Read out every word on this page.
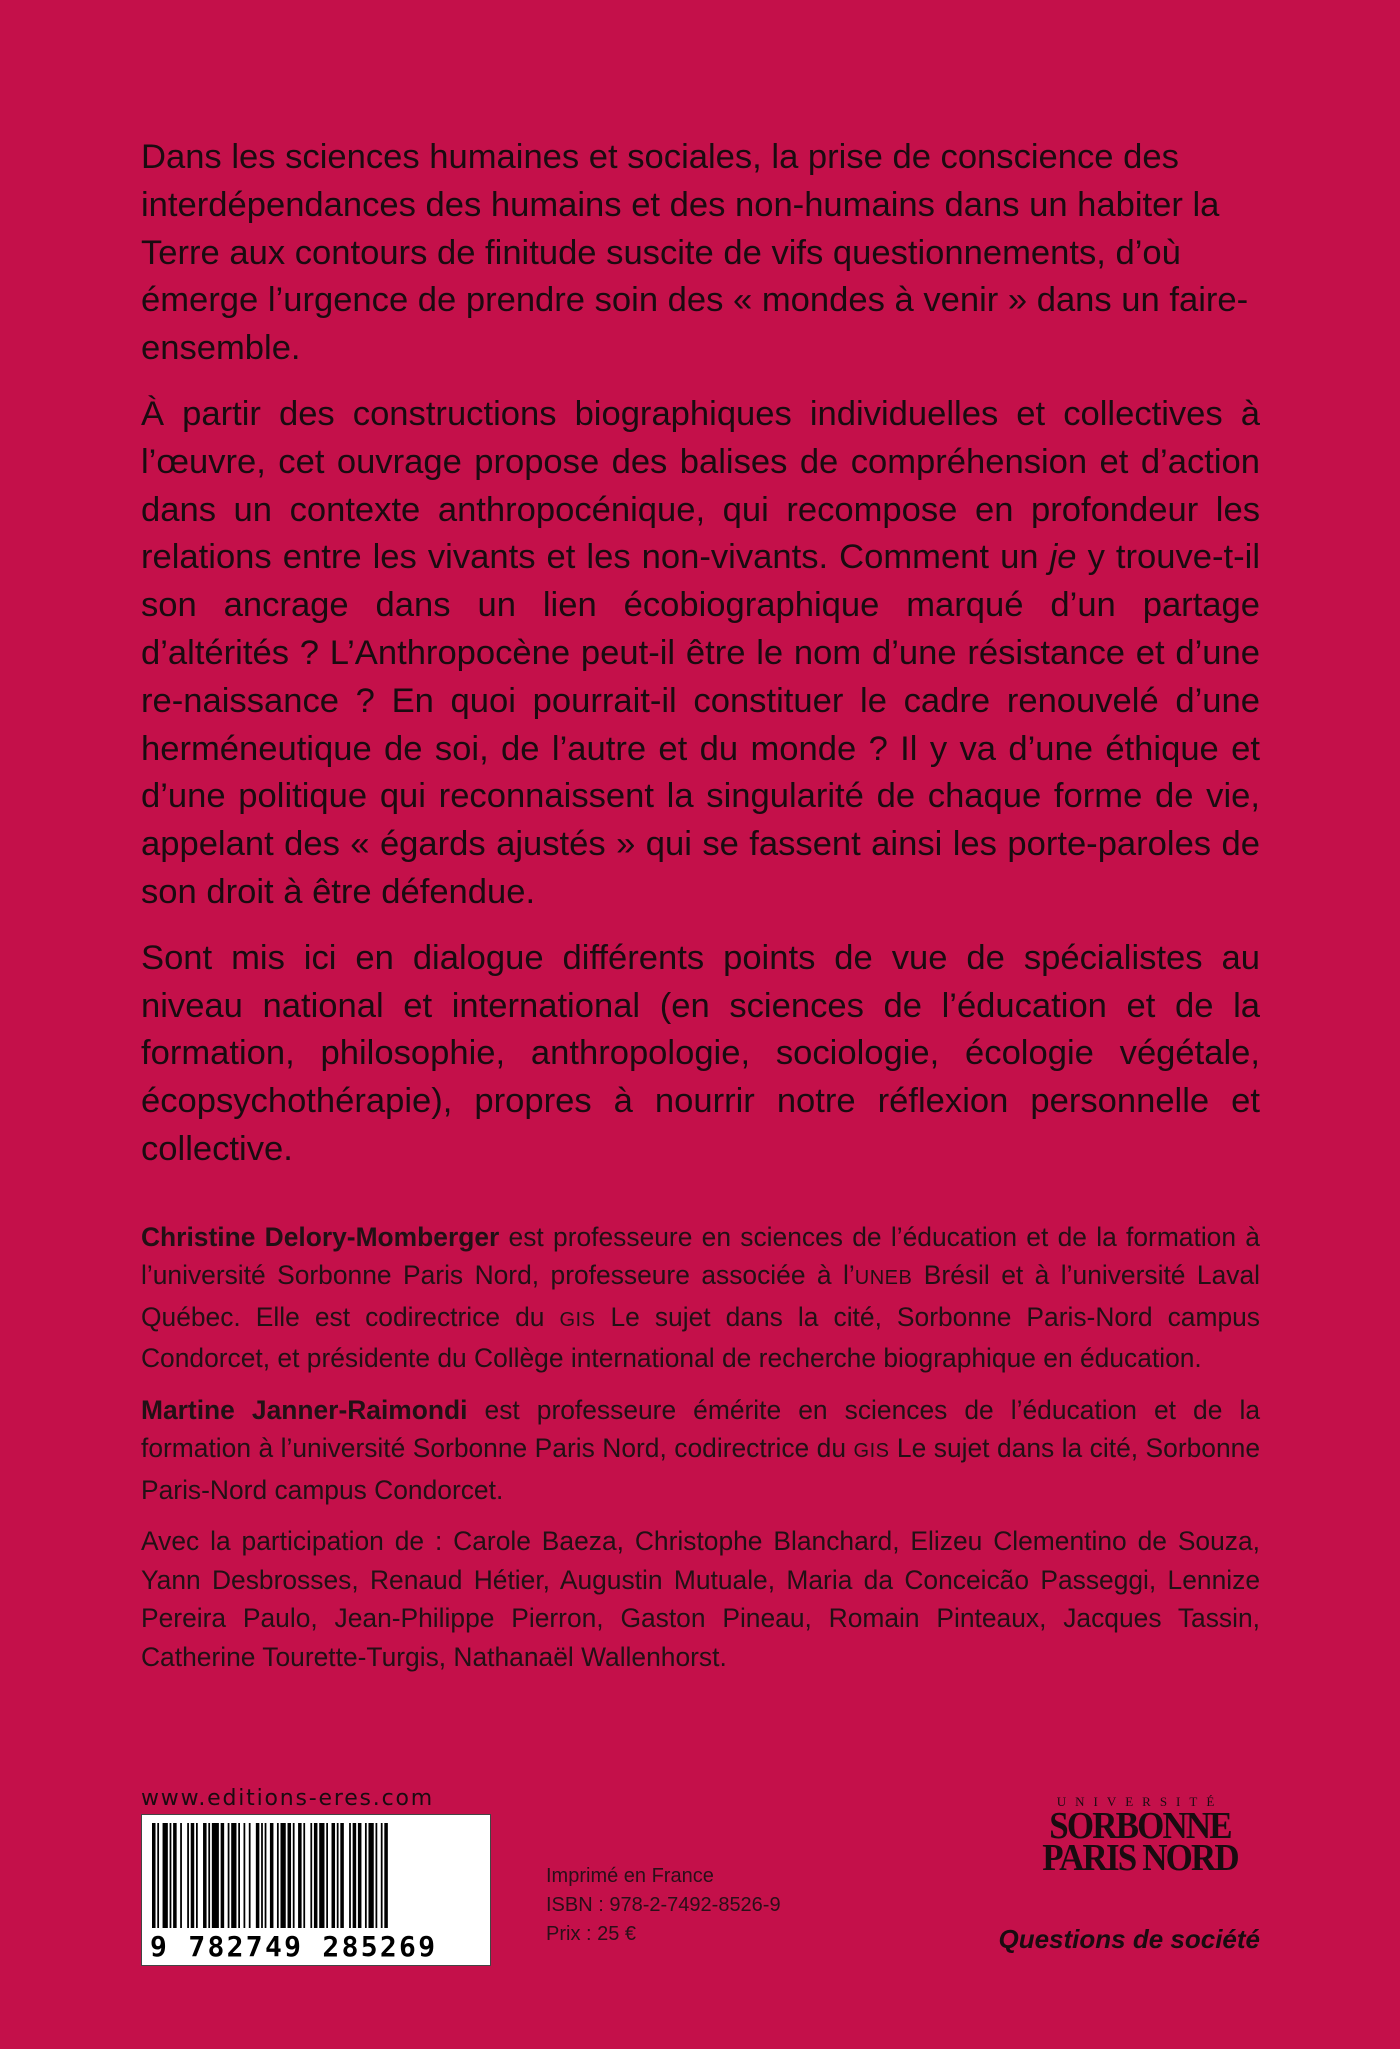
Dans les sciences humaines et sociales, la prise de conscience des interdépendances des humains et des non-humains dans un habiter la Terre aux contours de finitude suscite de vifs questionnements, d’où émerge l’urgence de prendre soin des « mondes à venir » dans un faire-ensemble.

À partir des constructions biographiques individuelles et collectives à l’œuvre, cet ouvrage propose des balises de compréhension et d’action dans un contexte anthropocénique, qui recompose en profondeur les relations entre les vivants et les non-vivants. Comment un je y trouve-t-il son ancrage dans un lien écobiographique marqué d’un partage d’altérités ? L’Anthropocène peut-il être le nom d’une résistance et d’une re-naissance ? En quoi pourrait-il constituer le cadre renouvelé d’une herméneutique de soi, de l’autre et du monde ? Il y va d’une éthique et d’une politique qui reconnaissent la singularité de chaque forme de vie, appelant des « égards ajustés » qui se fassent ainsi les porte-paroles de son droit à être défendue.

Sont mis ici en dialogue différents points de vue de spécialistes au niveau national et international (en sciences de l’éducation et de la formation, philosophie, anthropologie, sociologie, écologie végétale, écopsychothérapie), propres à nourrir notre réflexion personnelle et collective.

Christine Delory-Momberger est professeure en sciences de l’éducation et de la formation à l’université Sorbonne Paris Nord, professeure associée à l’UNEB Brésil et à l’université Laval Québec. Elle est codirectrice du GIS Le sujet dans la cité, Sorbonne Paris-Nord campus Condorcet, et présidente du Collège international de recherche biographique en éducation.

Martine Janner-Raimondi est professeure émérite en sciences de l’éducation et de la formation à l’université Sorbonne Paris Nord, codirectrice du GIS Le sujet dans la cité, Sorbonne Paris-Nord campus Condorcet.

Avec la participation de : Carole Baeza, Christophe Blanchard, Elizeu Clementino de Souza, Yann Desbrosses, Renaud Hétier, Augustin Mutuale, Maria da Conceicão Passeggi, Lennize Pereira Paulo, Jean-Philippe Pierron, Gaston Pineau, Romain Pinteaux, Jacques Tassin, Catherine Tourette-Turgis, Nathanaël Wallenhorst.

www.editions-eres.com
9 782749 285269
Imprimé en France
ISBN : 978-2-7492-8526-9
Prix : 25 €
UNIVERSITÉ
SORBONNE
PARIS NORD
Questions de société
